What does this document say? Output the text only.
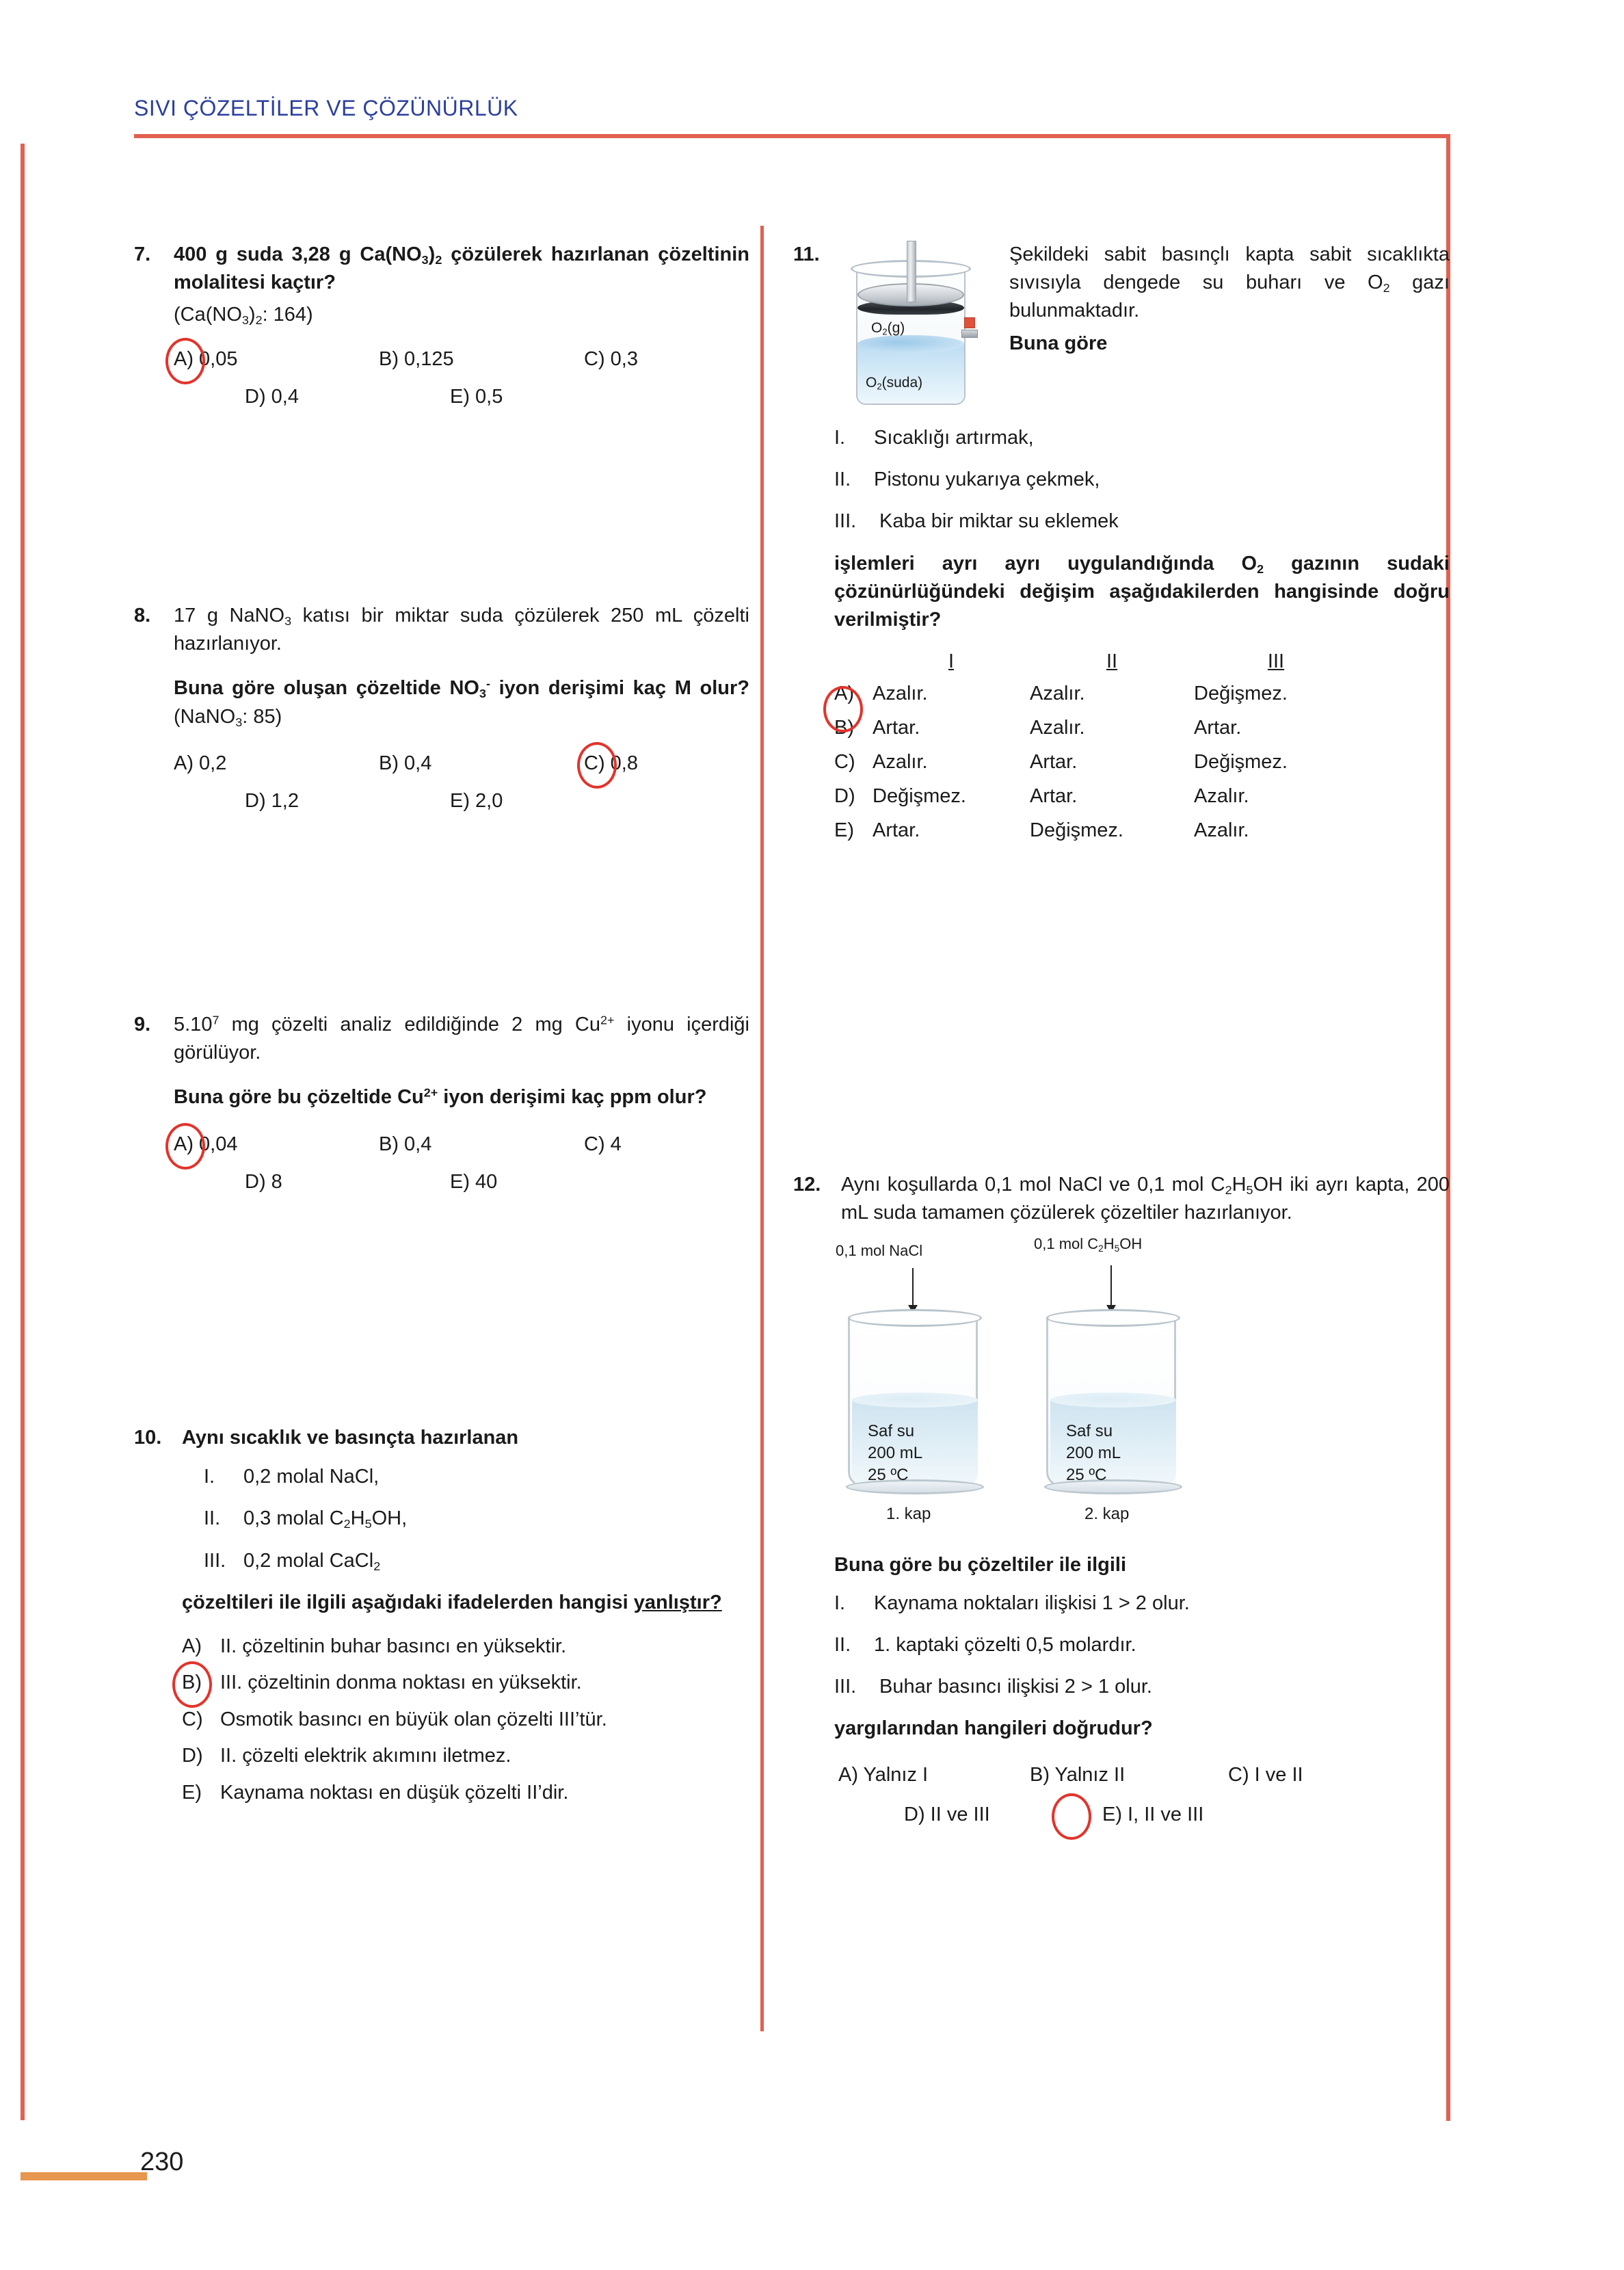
SIVI ÇÖZELTİLER VE ÇÖZÜNÜRLÜK
7.	400 g suda 3,28 g $Ca(NO_3)_2$ çözülerek hazırlanan çözeltinin molalitesi kaçtır?
($Ca(NO_3)_2$: 164)
A) 0,05	B) 0,125	C) 0,3
D) 0,4	E) 0,5
8.	17 g NaNO$_3$ katısı bir miktar suda çözülerek 250 mL çözelti hazırlanıyor.
Buna göre oluşan çözeltide $NO_3^-$ iyon derişimi kaç M olur? (NaNO$_3$: 85)
A) 0,2	B) 0,4	C) 0,8
D) 1,2	E) 2,0
9.	5.10$^7$ mg çözelti analiz edildiğinde 2 mg $Cu^{2+}$ iyonu içerdiği görülüyor.
Buna göre bu çözeltide $Cu^{2+}$ iyon derişimi kaç ppm olur?
A) 0,04	B) 0,4	C) 4
D) 8	E) 40
10.	Aynı sıcaklık ve basınçta hazırlanan
I.	0,2 molal NaCl,
II.	0,3 molal $C_2H_5OH$,
III. 0,2 molal CaCl$_2$
çözeltileri ile ilgili aşağıdaki ifadelerden hangisi yanlıştır?
A) II. çözeltinin buhar basıncı en yüksektir.
B) III. çözeltinin donma noktası en yüksektir.
C) Osmotik basıncı en büyük olan çözelti III’tür.
D) II. çözelti elektrik akımını iletmez.
E) Kaynama noktası en düşük çözelti II’dir.
11.
$O_2(g)$
$O_2(suda)$
Şekildeki sabit basınçlı kapta sabit sıcaklıkta sıvısıyla dengede su buharı ve $O_2$ gazı bulunmaktadır.
Buna göre
I.	Sıcaklığı artırmak,
II.	Pistonu yukarıya çekmek,
III.	Kaba bir miktar su eklemek
işlemleri ayrı ayrı uygulandığında $O_2$ gazının sudaki çözünürlüğündeki değişim aşağıdakilerden hangisinde doğru verilmiştir?
I	II	III
A) Azalır.	Azalır.	Değişmez.
B) Artar.	Azalır.	Artar.
C) Azalır.	Artar.	Değişmez.
D) Değişmez.	Artar.	Azalır.
E) Artar.	Değişmez.	Azalır.
12.	Aynı koşullarda 0,1 mol NaCl ve 0,1 mol $C_2H_5OH$ iki ayrı kapta, 200 mL suda tamamen çözülerek çözeltiler hazırlanıyor.
0,1 mol NaCl
Saf su
200 mL
25 ºC
1. kap
0,1 mol $C_2H_5OH$
Saf su
200 mL
25 ºC
2. kap
Buna göre bu çözeltiler ile ilgili
I.	Kaynama noktaları ilişkisi 1 > 2 olur.
II.	1. kaptaki çözelti 0,5 molardır.
III.	Buhar basıncı ilişkisi 2 > 1 olur.
yargılarından hangileri doğrudur?
A) Yalnız I	B) Yalnız II	C) I ve II
D) II ve III	E) I, II ve III
230
